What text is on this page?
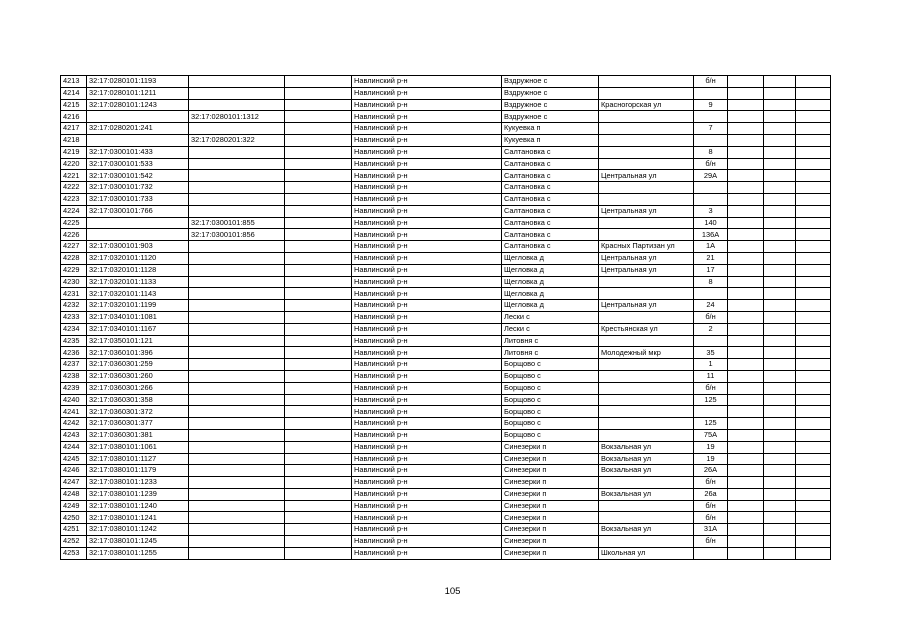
4213	32:17:0280101:1193			Навлинский р-н	Вздружное с		б/н			
4214	32:17:0280101:1211			Навлинский р-н	Вздружное с					
4215	32:17:0280101:1243			Навлинский р-н	Вздружное с	Красногорская ул	9			
4216		32:17:0280101:1312		Навлинский р-н	Вздружное с					
4217	32:17:0280201:241			Навлинский р-н	Кукуевка п		7			
4218		32:17:0280201:322		Навлинский р-н	Кукуевка п					
4219	32:17:0300101:433			Навлинский р-н	Салтановка с		8			
4220	32:17:0300101:533			Навлинский р-н	Салтановка с		б/н			
4221	32:17:0300101:542			Навлинский р-н	Салтановка с	Центральная ул	29А			
4222	32:17:0300101:732			Навлинский р-н	Салтановка с					
4223	32:17:0300101:733			Навлинский р-н	Салтановка с					
4224	32:17:0300101:766			Навлинский р-н	Салтановка с	Центральная ул	3			
4225		32:17:0300101:855		Навлинский р-н	Салтановка с		140			
4226		32:17:0300101:856		Навлинский р-н	Салтановка с		136А			
4227	32:17:0300101:903			Навлинский р-н	Салтановка с	Красных Партизан ул	1А			
4228	32:17:0320101:1120			Навлинский р-н	Щегловка д	Центральная ул	21			
4229	32:17:0320101:1128			Навлинский р-н	Щегловка д	Центральная ул	17			
4230	32:17:0320101:1133			Навлинский р-н	Щегловка д		8			
4231	32:17:0320101:1143			Навлинский р-н	Щегловка д					
4232	32:17:0320101:1199			Навлинский р-н	Щегловка д	Центральная ул	24			
4233	32:17:0340101:1081			Навлинский р-н	Лески с		б/н			
4234	32:17:0340101:1167			Навлинский р-н	Лески с	Крестьянская ул	2			
4235	32:17:0350101:121			Навлинский р-н	Литовня с					
4236	32:17:0360101:396			Навлинский р-н	Литовня с	Молодежный мкр	35			
4237	32:17:0360301:259			Навлинский р-н	Борщово с		1			
4238	32:17:0360301:260			Навлинский р-н	Борщово с		11			
4239	32:17:0360301:266			Навлинский р-н	Борщово с		б/н			
4240	32:17:0360301:358			Навлинский р-н	Борщово с		125			
4241	32:17:0360301:372			Навлинский р-н	Борщово с					
4242	32:17:0360301:377			Навлинский р-н	Борщово с		125			
4243	32:17:0360301:381			Навлинский р-н	Борщово с		75А			
4244	32:17:0380101:1061			Навлинский р-н	Синезерки п	Вокзальная ул	19			
4245	32:17:0380101:1127			Навлинский р-н	Синезерки п	Вокзальная ул	19			
4246	32:17:0380101:1179			Навлинский р-н	Синезерки п	Вокзальная ул	26А			
4247	32:17:0380101:1233			Навлинский р-н	Синезерки п		б/н			
4248	32:17:0380101:1239			Навлинский р-н	Синезерки п	Вокзальная ул	26а			
4249	32:17:0380101:1240			Навлинский р-н	Синезерки п		б/н			
4250	32:17:0380101:1241			Навлинский р-н	Синезерки п		б/н			
4251	32:17:0380101:1242			Навлинский р-н	Синезерки п	Вокзальная ул	31А			
4252	32:17:0380101:1245			Навлинский р-н	Синезерки п		б/н			
4253	32:17:0380101:1255			Навлинский р-н	Синезерки п	Школьная ул				
105
